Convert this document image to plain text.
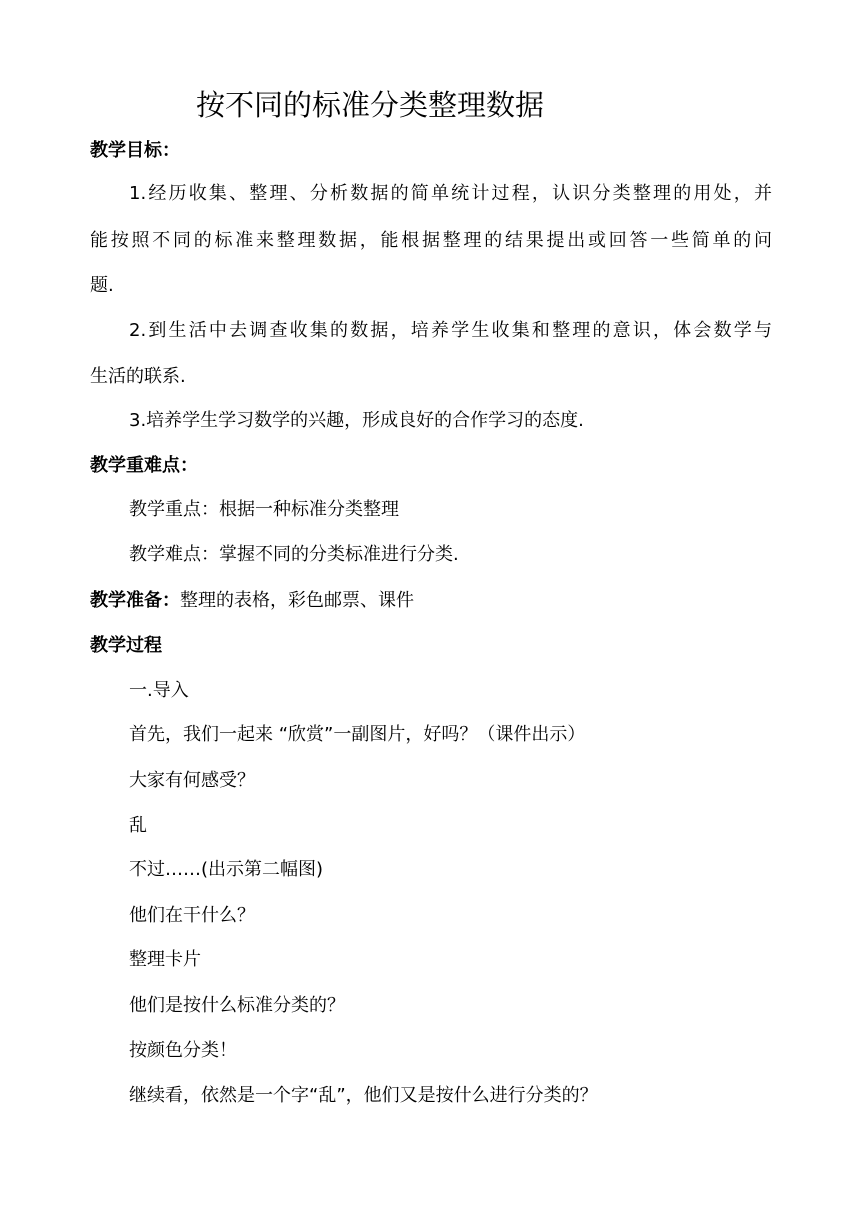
按不同的标准分类整理数据
教学目标：
1.经历收集、整理、分析数据的简单统计过程，认识分类整理的用处，并
能按照不同的标准来整理数据，能根据整理的结果提出或回答一些简单的问
题.
2.到生活中去调查收集的数据，培养学生收集和整理的意识，体会数学与
生活的联系.
3.培养学生学习数学的兴趣，形成良好的合作学习的态度.
教学重难点：
教学重点：根据一种标准分类整理
教学难点：掌握不同的分类标准进行分类.
教学准备：整理的表格，彩色邮票、课件
教学过程
一.导入
首先，我们一起来 “欣赏”一副图片，好吗？（课件出示）
大家有何感受？
乱
不过……(出示第二幅图)
他们在干什么？
整理卡片
他们是按什么标准分类的？
按颜色分类！
继续看，依然是一个字“乱”，他们又是按什么进行分类的？
